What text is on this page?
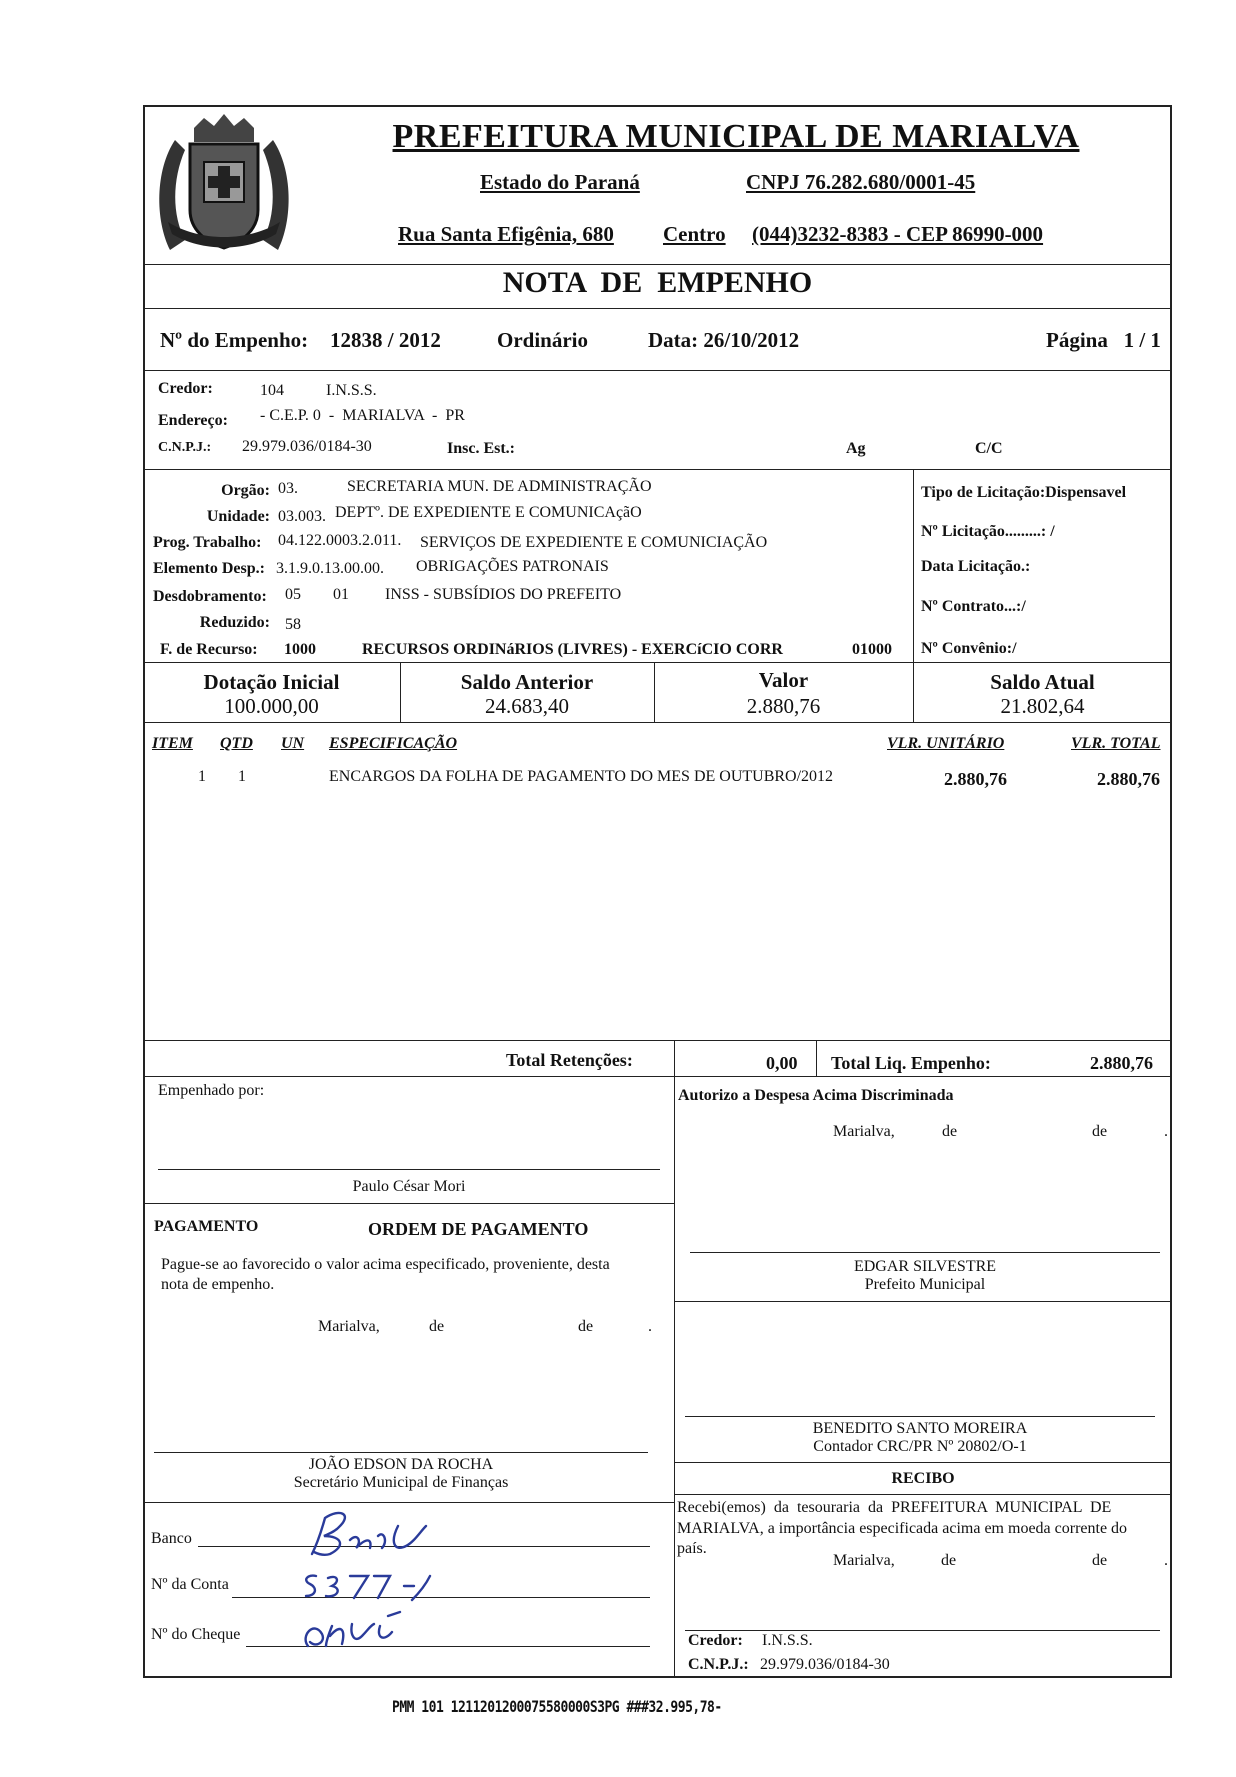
PREFEITURA MUNICIPAL DE MARIALVA
Estado do Paraná	CNPJ 76.282.680/0001-45
Rua Santa Efigênia, 680 Centro (044)3232-8383 - CEP 86990-000
NOTA  DE  EMPENHO
Nº do Empenho: 12838 / 2012	Ordinário	Data: 26/10/2012	Página   1 / 1
Credor:	104	I.N.S.S.
Endereço: - C.E.P. 0  -  MARIALVA  -  PR
C.N.P.J.: 29.979.036/0184-30	Insc. Est.:	Ag	C/C
Orgão: 03.	SECRETARIA MUN. DE ADMINISTRAÇÃO
Unidade: 03.003. DEPTº. DE EXPEDIENTE E COMUNICAçãO
Prog. Trabalho: 04.122.0003.2.011. SERVIÇOS DE EXPEDIENTE E COMUNICIAÇÃO
Elemento Desp.: 3.1.9.0.13.00.00. OBRIGAÇÕES PATRONAIS
Desdobramento: 05 01 INSS - SUBSÍDIOS DO PREFEITO
Reduzido: 58
F. de Recurso: 1000	RECURSOS ORDINáRIOS (LIVRES) - EXERCíCIO CORR	01000
Tipo de Licitação:Dispensavel
Nº Licitação.........: /
Data Licitação.:
Nº Contrato...:/
Nº Convênio:/
Dotação Inicial
100.000,00
Saldo Anterior
24.683,40
Valor
2.880,76
Saldo Atual
21.802,64
ITEM QTD UN ESPECIFICAÇÃO	VLR. UNITÁRIO	VLR. TOTAL
1 1	ENCARGOS DA FOLHA DE PAGAMENTO DO MES DE OUTUBRO/2012	2.880,76	2.880,76
Total Retenções:	0,00 Total Liq. Empenho:	2.880,76
Empenhado por:
Paulo César Mori
Autorizo a Despesa Acima Discriminada
Marialva,	de	de	.
EDGAR SILVESTRE
Prefeito Municipal
PAGAMENTO	ORDEM DE PAGAMENTO
Pague-se ao favorecido o valor acima especificado, proveniente, desta
nota de empenho.
Marialva,	de	de	.
BENEDITO SANTO MOREIRA
Contador CRC/PR Nº 20802/O-1
JOÃO EDSON DA ROCHA
Secretário Municipal de Finanças	RECIBO
Recebi(emos)  da  tesouraria  da  PREFEITURA  MUNICIPAL  DE
MARIALVA, a importância especificada acima em moeda corrente do
país.
Marialva,	de	de	.
Credor: I.N.S.S.
C.N.P.J.: 29.979.036/0184-30
Banco
Nº da Conta
Nº do Cheque
PMM 101 1211201200075580000S3PG ###32.995,78-
